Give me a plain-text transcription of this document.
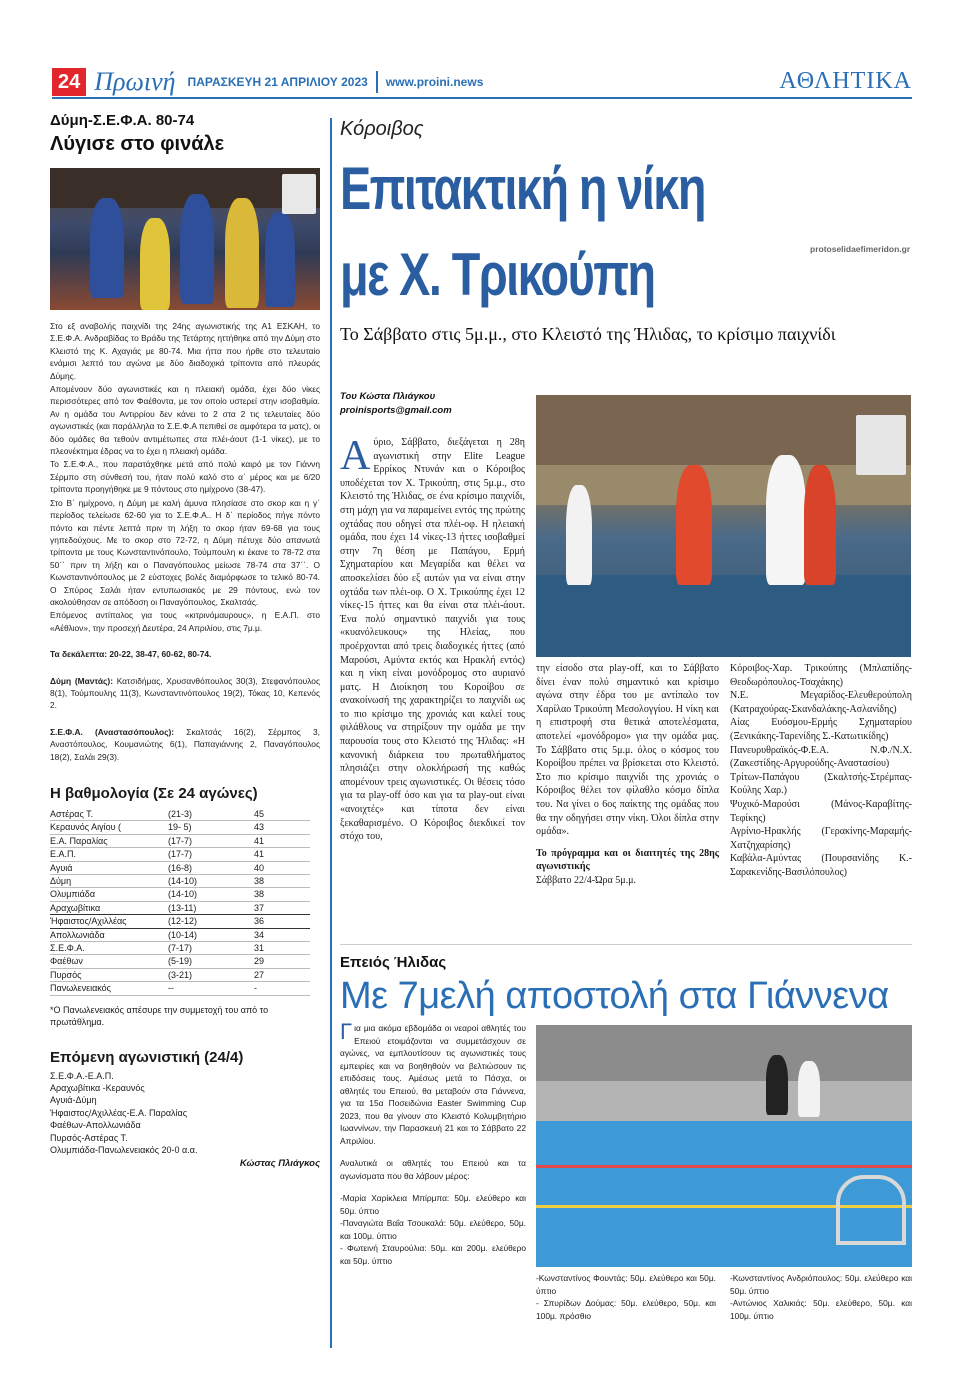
24 Πρωινή ΠΑΡΑΣΚΕΥΗ 21 ΑΠΡΙΛΙΟΥ 2023 www.proini.news	ΑΘΛΗΤΙΚΑ
Δύμη-Σ.Ε.Φ.Α. 80-74
Λύγισε στο φινάλε

Στο εξ αναβολής παιχνίδι της 24ης αγωνιστικής της Α1 ΕΣΚΑΗ, το Σ.Ε.Φ.Α. Ανδραβίδας το Βράδυ της Τετάρτης ηττήθηκε από την Δύμη στο Κλειστό της Κ. Αχαγιάς με 80-74. Μια ήττα που ήρθε στο τελευταίο ενάμισι λεπτό του αγώνα με δύο διαδοχικά τρίποντα από πλευράς Δύμης.

Απομένουν δύο αγωνιστικές και η πλειακή ομάδα, έχει δύο νίκες περισσότερες από τον Φαέθοντα, με τον οποίο υστερεί στην ισοβαθμία. Αν η ομάδα του Αντιρρίου δεν κάνει το 2 στα 2 τις τελευταίες δύο αγωνιστικές (και παράλληλα το Σ.Ε.Φ.Α πεπιθεί σε αμφότερα τα ματς), οι δύο ομάδες θα τεθούν αντιμέτωπες στα πλέι-άουτ (1-1 νίκες), με το πλεονέκτημα έδρας να το έχει η πλειακή ομάδα.

Το Σ.Ε.Φ.Α., που παρατάχθηκε μετά από πολύ καιρό με τον Γιάννη Σέρμπο στη σύνθεσή του, ήταν πολύ καλό στο α΄ μέρος και με 6/20 τρίποντα προηγήθηκε με 9 πόντους στο ημίχρονο (38-47).

Στο Β΄ ημίχρονο, η Δύμη με καλή άμυνα πλησίασε στο σκορ και η γ΄ περίοδος τελείωσε 62-60 για το Σ.Ε.Φ.Α.. Η δ΄ περίοδος πήγε πόντο πόντο και πέντε λεπτά πριν τη λήξη το σκορ ήταν 69-68 για τους γηπεδούχους. Με το σκορ στο 72-72, η Δύμη πέτυχε δύο απανωτά τρίποντα με τους Κωνσταντινόπουλο, Τούμπουλη κι έκανε το 78-72 στα 50΄΄ πριν τη λήξη και ο Παναγόπουλος μείωσε 78-74 στα 37΄΄. Ο Κωνσταντινόπουλος με 2 εύστοχες βολές διαμόρφωσε το τελικό 80-74. Ο Σπύρος Σαλάι ήταν εντυπωσιακός με 29 πόντους, ενώ τον ακολούθησαν σε απόδοση οι Παναγόπουλος, Σκαλτσάς.

Επόμενος αντίπαλος για τους «κιτρινόμαυρους», η Ε.Α.Π. στο «Αέθλιον», την προσεχή Δευτέρα, 24 Απριλίου, στις 7μ.μ.

Τα δεκάλεπτα: 20-22, 38-47, 60-62, 80-74.

Δύμη (Μαντάς): Κατσιδήμας, Χρυσανθόπουλος 30(3), Στεφανόπουλος 8(1), Τούμπουλης 11(3), Κωνσταντινόπουλος 19(2), Τόκας 10, Κεπενός 2.

Σ.Ε.Φ.Α. (Αναστασόπουλος): Σκαλτσάς 16(2), Σέρμπος 3, Αναστόπουλος, Κουμανιώτης 6(1), Παπαγιάννης 2, Παναγόπουλος 18(2), Σαλάι 29(3).

Η βαθμολογία (Σε 24 αγώνες)
Αστέρας Τ.	(21-3)	45
Κεραυνός Αιγίου (	19- 5)	43
Ε.Α. Παραλίας	(17-7)	41
Ε.Α.Π.	(17-7)	41
Αγυιά	(16-8)	40
Δύμη	(14-10)	38
Ολυμπιάδα	(14-10)	38
Αραχωβίτικα	(13-11)	37
Ήφαιστος/Αχιλλέας	(12-12)	36
Απολλωνιάδα	(10-14)	34
Σ.Ε.Φ.Α.	(7-17)	31
Φαέθων	(5-19)	29
Πυρσός	(3-21)	27
Πανωλενειακός	--	-
*Ο Πανωλενειακός απέσυρε την συμμετοχή του από το πρωτάθλημα.
Επόμενη αγωνιστική (24/4)
Σ.Ε.Φ.Α.-Ε.Α.Π.
Αραχωβίτικα -Κεραυνός
Αγυιά-Δύμη
Ήφαιστος/Αχιλλέας-Ε.Α. Παραλίας
Φαέθων-Απολλωνιάδα
Πυρσός-Αστέρας Τ.
Ολυμπιάδα-Πανωλενειακός 20-0 α.α.
Κώστας Πλιάγκος
Κόροιβος
Επιτακτική η νίκη
με Χ. Τρικούπη	protoselidaefimeridon.gr
Το Σάββατο στις 5μ.μ., στο Κλειστό της Ήλιδας, το κρίσιμο παιχνίδι
Του Κώστα Πλιάγκου
proinisports@gmail.com
Αύριο, Σάββατο, διεξάγεται η 28η αγωνιστική στην Elite League Ερρίκος Ντυνάν και ο Κόροιβος υποδέχεται τον Χ. Τρικούπη, στις 5μ.μ., στο Κλειστό της Ήλιδας, σε ένα κρίσιμο παιχνίδι, στη μάχη για να παραμείνει εντός της πρώτης οχτάδας που οδηγεί στα πλέι-οφ. Η ηλειακή ομάδα, που έχει 14 νίκες-13 ήττες ισοβαθμεί στην 7η θέση με Παπάγου, Ερμή Σχηματαρίου και Μεγαρίδα και θέλει να αποσκελίσει δύο εξ αυτών για να είναι στην οχτάδα των πλέι-οφ. Ο Χ. Τρικούπης έχει 12 νίκες-15 ήττες και θα είναι στα πλέι-άουτ. Ένα πολύ σημαντικό παιχνίδι για τους «κυανόλευκους» της Ηλείας, που προέρχονται από τρεις διαδοχικές ήττες (από Μαρούσι, Αμύντα εκτός και Ηρακλή εντός) και η νίκη είναι μονόδρομος στο αυριανό ματς. Η Διοίκηση του Κοροίβου σε ανακοίνωσή της χαρακτηρίζει το παιχνίδι ως το πιο κρίσιμο της χρονιάς και καλεί τους φιλάθλους να στηρίξουν την ομάδα με την παρουσία τους στο Κλειστό της Ήλιδας: «Η κανονική διάρκεια του πρωταθλήματος πλησιάζει στην ολοκλήρωσή της καθώς απομένουν τρεις αγωνιστικές. Οι θέσεις τόσο για τα play-off όσο και για τα play-out είναι «ανοιχτές» και τίποτα δεν είναι ξεκαθαρισμένο. Ο Κόροιβος διεκδικεί τον στόχο του,
την είσοδο στα play-off, και το Σάββατο δίνει έναν πολύ σημαντικό και κρίσιμο αγώνα στην έδρα του με αντίπαλο τον Χαρίλαο Τρικούπη Μεσολογγίου. Η νίκη και η επιστροφή στα θετικά αποτελέσματα, αποτελεί «μονόδρομο» για την ομάδα μας. Το Σάββατο στις 5μ.μ. όλος ο κόσμος του Κοροίβου πρέπει να βρίσκεται στο Κλειστό. Στο πιο κρίσιμο παιχνίδι της χρονιάς ο Κόροιβος θέλει τον φίλαθλο κόσμο δίπλα του. Να γίνει ο 6ος παίκτης της ομάδας που θα την οδηγήσει στην νίκη. Όλοι δίπλα στην ομάδα».
Το πρόγραμμα και οι διαιτητές της 28ης αγωνιστικής
Σάββατο 22/4-Ώρα 5μ.μ.
Κόροιβος-Χαρ. Τρικούπης (Μπλαπίδης-Θεοδωρόπουλος-Τσαχάκης)
Ν.Ε. Μεγαρίδος-Ελευθερούπολη (Κατραχούρας-Σκανδαλάκης-Ασλανίδης)
Αίας Ευόσμου-Ερμής Σχηματαρίου (Ξενικάκης-Ταρενίδης Σ.-Κατωτικίδης)
Πανευρυθραϊκός-Φ.Ε.Α. Ν.Φ./Ν.Χ. (Ζακεστίδης-Αργυρούδης-Αναστασίου)
Τρίτων-Παπάγου (Σκαλτσής-Στρέμπας-Κούλης Χαρ.)
Ψυχικό-Μαρούσι (Μάνος-Καραβίτης-Τεφίκης)
Αγρίνιο-Ηρακλής (Γερακίνης-Μαραμής-Χατζηχαρίσης)
Καβάλα-Αμύντας (Πουρσανίδης Κ.-Σαρακενίδης-Βασιλόπουλος)
Επειός Ήλιδας
Με 7μελή αποστολή στα Γιάννενα

Για μια ακόμα εβδομάδα οι νεαροί αθλητές του Επειού ετοιμάζονται να συμμετάσχουν σε αγώνες, να εμπλουτίσουν τις αγωνιστικές τους εμπειρίες και να βοηθηθούν να βελτιώσουν τις επιδόσεις τους. Αμέσως μετά το Πάσχα, οι αθλητές του Επειού, θα μεταβούν στα Γιάννενα, για τα 15α Ποσειδώνια Easter Swimming Cup 2023, που θα γίνουν στο Κλειστό Κολυμβητήριο Ιωαννίνων, την Παρασκευή 21 και το Σάββατο 22 Απριλίου.

Αναλυτικά οι αθλητές του Επειού και τα αγωνίσματα που θα λάβουν μέρος:

-Μαρία Χαρίκλεια Μπίρμπα: 50μ. ελεύθερο και 50μ. ύπτιο
-Παναγιώτα Βαΐα Τσουκαλά: 50μ. ελεύθερο, 50μ. και 100μ. ύπτιο
- Φωτεινή Σταυρούλια: 50μ. και 200μ. ελεύθερο και 50μ. ύπτιο
-Κωνσταντίνος Φουντάς: 50μ. ελεύθερο και 50μ. ύπτιο
- Σπυρίδων Δούμας: 50μ. ελεύθερο, 50μ. και 100μ. πρόσθιο
-Κωνσταντίνος Ανδριόπουλος: 50μ. ελεύθερο και 50μ. ύπτιο
-Αντώνιος Χαλικιάς: 50μ. ελεύθερο, 50μ. και 100μ. ύπτιο
